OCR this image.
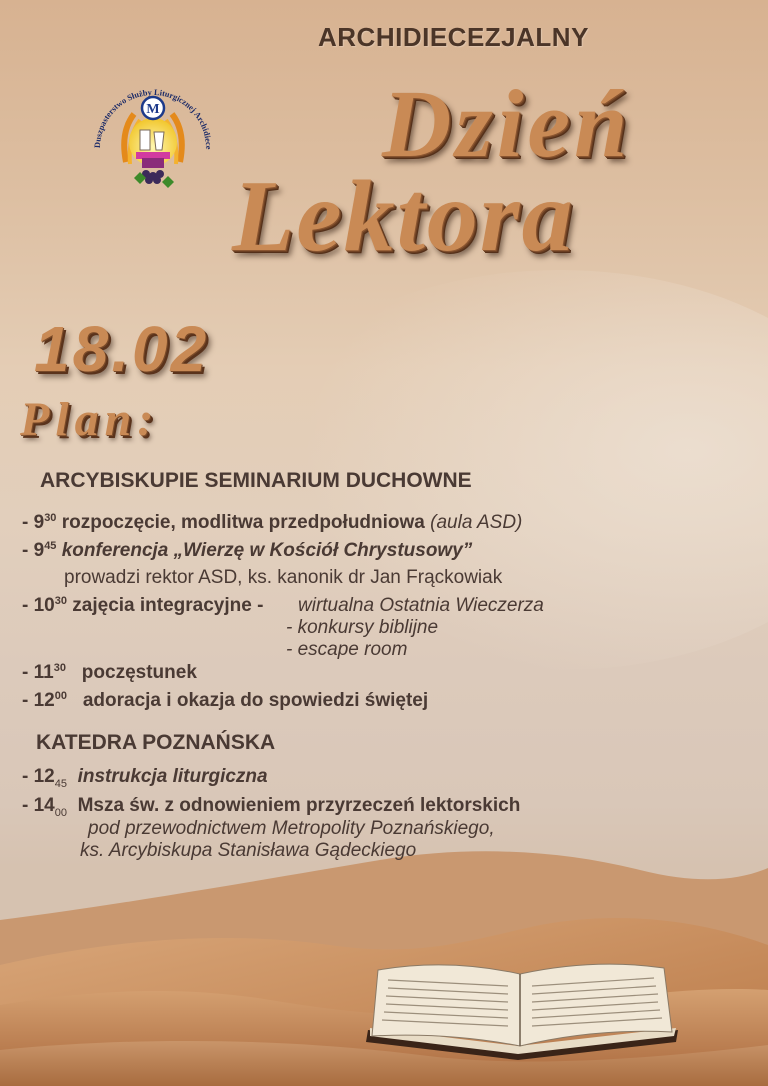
Duszpasterstwo Służby Liturgicznej Archidiece
M
ARCHIDIECEZJALNY
Dzień
Lektora
18.02
Plan:
ARCYBISKUPIE SEMINARIUM DUCHOWNE
- $9^{30}$ rozpoczęcie, modlitwa przedpołudniowa (aula ASD)
- $9^{45}$ konferencja „Wierzę w Kościół Chrystusowy”
prowadzi rektor ASD, ks. kanonik dr Jan Frąckowiak
- $10^{30}$ zajęcia integracyjne - wirtualna Ostatnia Wieczerza
- konkursy biblijne
- escape room
- $11^{30}$ poczęstunek
- $12^{00}$ adoracja i okazja do spowiedzi świętej
KATEDRA POZNAŃSKA
- $12_{45}$ instrukcja liturgiczna
- $14_{00}$ Msza św. z odnowieniem przyrzeczeń lektorskich
pod przewodnictwem Metropolity Poznańskiego,
ks. Arcybiskupa Stanisława Gądeckiego
